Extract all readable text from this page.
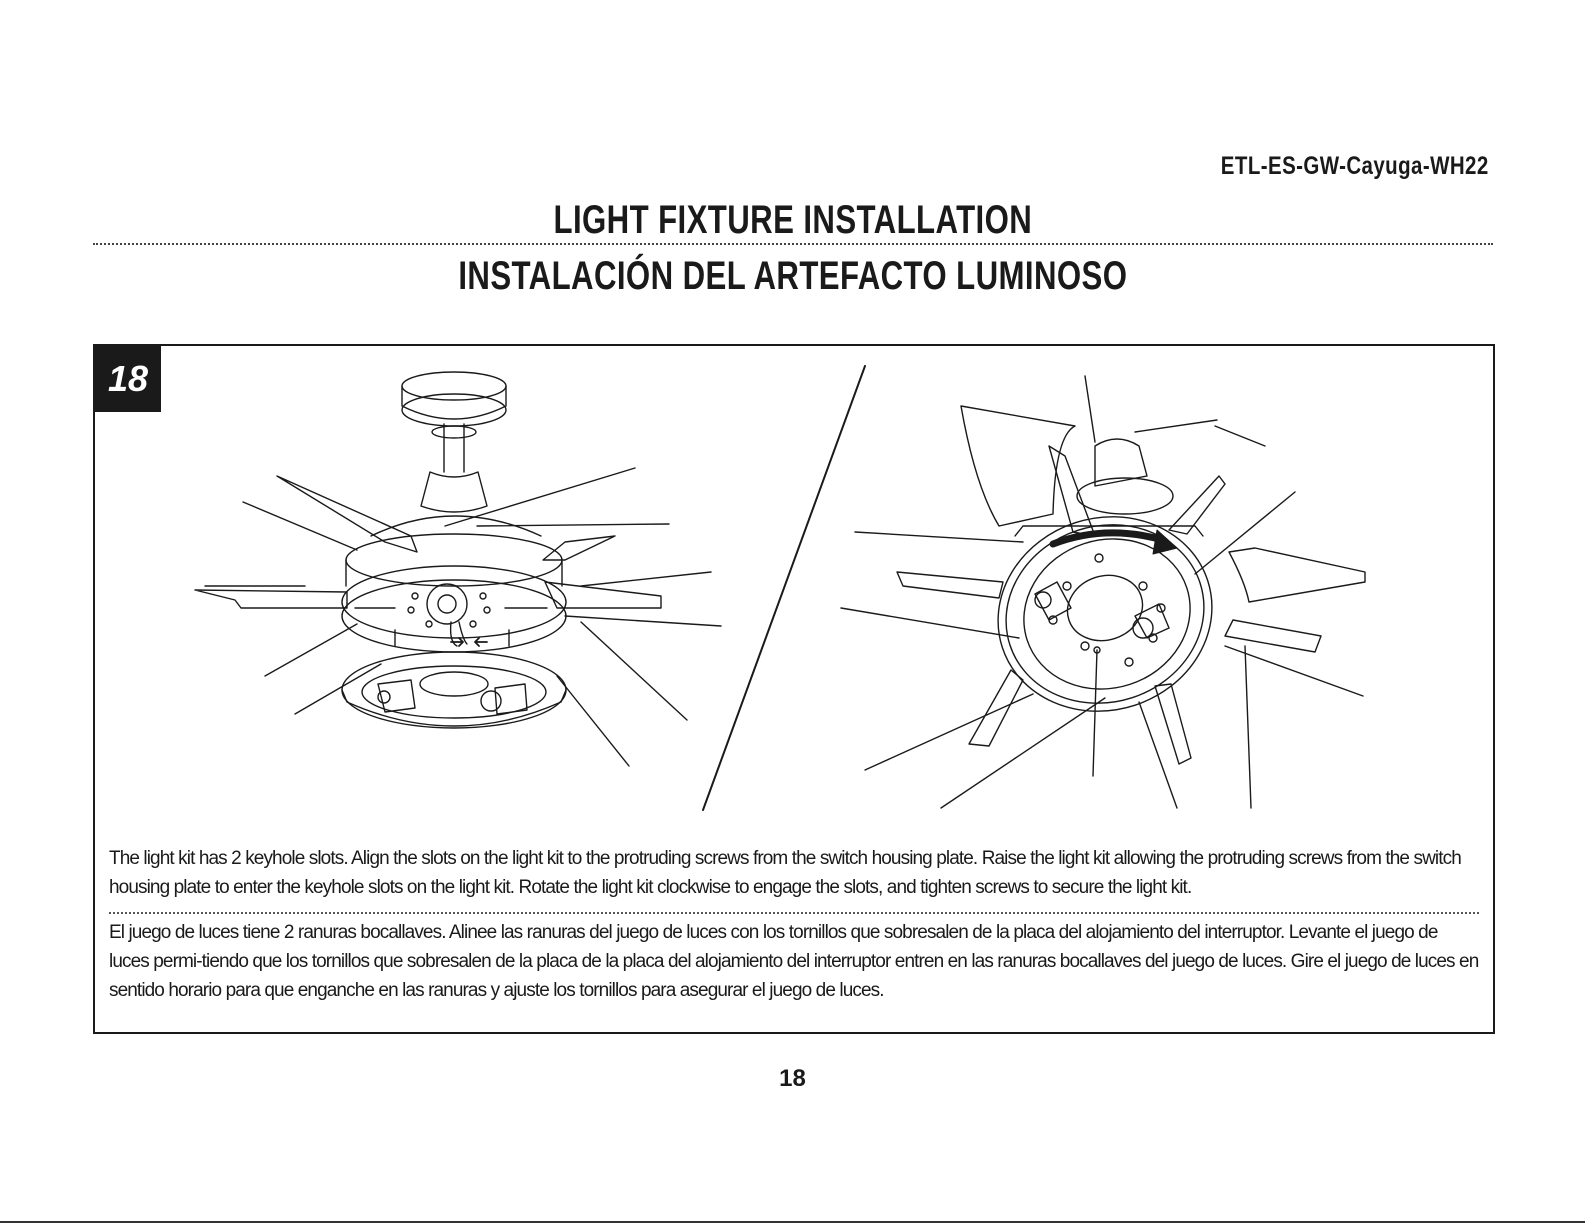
ETL-ES-GW-Cayuga-WH22
LIGHT FIXTURE INSTALLATION
INSTALACIÓN DEL ARTEFACTO LUMINOSO
18
The light kit has 2 keyhole slots. Align the slots on the light kit to the protruding screws from the switch housing plate. Raise the light kit allowing the protruding screws from the switch housing plate to enter the keyhole slots on the light kit. Rotate the light kit clockwise to engage the slots, and tighten screws to secure the light kit.
El juego de luces tiene 2 ranuras bocallaves. Alinee las ranuras del juego de luces con los tornillos que sobresalen de la placa del alojamiento del interruptor. Levante el juego de luces permi-tiendo que los tornillos que sobresalen de la placa de la placa del alojamiento del interruptor entren en las ranuras bocallaves del juego de luces. Gire el juego de luces en sentido horario para que enganche en las ranuras y ajuste los tornillos para asegurar el juego de luces.
18
